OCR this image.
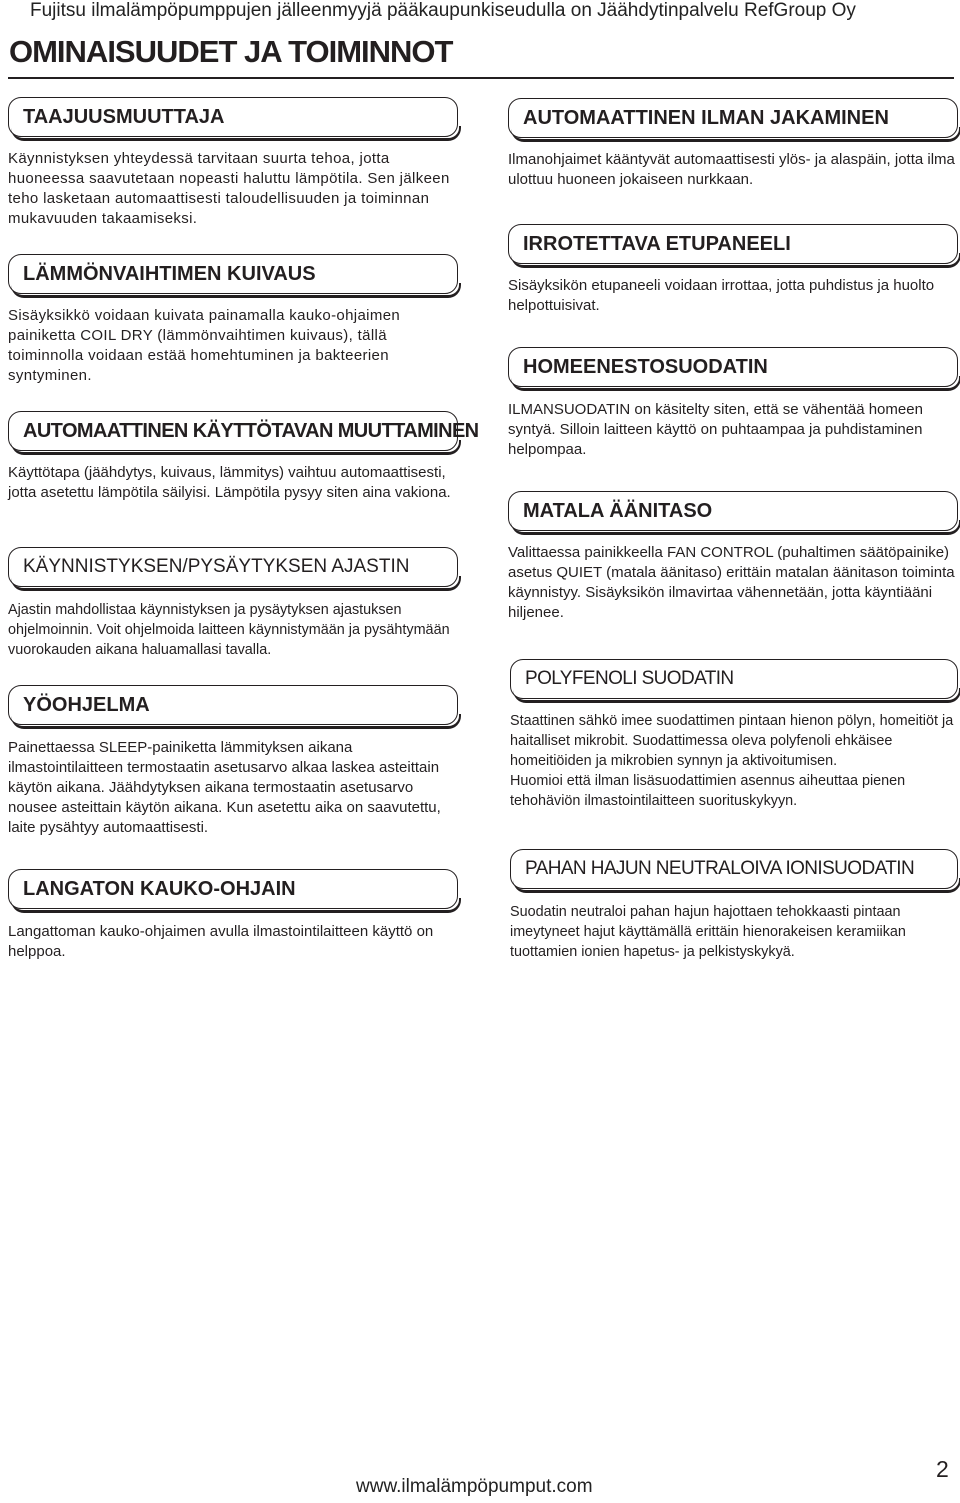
Fujitsu ilmalämpöpumppujen jälleenmyyjä pääkaupunkiseudulla on Jäähdytinpalvelu RefGroup Oy
OMINAISUUDET JA TOIMINNOT
TAAJUUSMUUTTAJA

Käynnistyksen yhteydessä tarvitaan suurta tehoa, jotta huoneessa saavutetaan nopeasti haluttu lämpötila. Sen jälkeen teho lasketaan automaattisesti taloudellisuuden ja toiminnan mukavuuden takaamiseksi.

LÄMMÖNVAIHTIMEN KUIVAUS

Sisäyksikkö voidaan kuivata painamalla kauko-ohjaimen painiketta COIL DRY (lämmönvaihtimen kuivaus), tällä toiminnolla voidaan estää homehtuminen ja bakteerien syntyminen.

AUTOMAATTINEN KÄYTTÖTAVAN MUUTTAMINEN

Käyttötapa (jäähdytys, kuivaus, lämmitys) vaihtuu automaattisesti, jotta asetettu lämpötila säilyisi. Lämpötila pysyy siten aina vakiona.

KÄYNNISTYKSEN/PYSÄYTYKSEN AJASTIN

Ajastin mahdollistaa käynnistyksen ja pysäytyksen ajastuksen ohjelmoinnin. Voit ohjelmoida laitteen käynnistymään ja pysähtymään vuorokauden aikana haluamallasi tavalla.

YÖOHJELMA

Painettaessa SLEEP-painiketta lämmityksen aikana ilmastointilaitteen termostaatin asetusarvo alkaa laskea asteittain käytön aikana. Jäähdytyksen aikana termostaatin asetusarvo nousee asteittain käytön aikana. Kun asetettu aika on saavutettu, laite pysähtyy automaattisesti.

LANGATON KAUKO-OHJAIN

Langattoman kauko-ohjaimen avulla ilmastointilaitteen käyttö on helppoa.

AUTOMAATTINEN ILMAN JAKAMINEN

Ilmanohjaimet kääntyvät automaattisesti ylös- ja alaspäin, jotta ilma ulottuu huoneen jokaiseen nurkkaan.

IRROTETTAVA ETUPANEELI

Sisäyksikön etupaneeli voidaan irrottaa, jotta puhdistus ja huolto helpottuisivat.

HOMEENESTOSUODATIN

ILMANSUODATIN on käsitelty siten, että se vähentää homeen syntyä. Silloin laitteen käyttö on puhtaampaa ja puhdistaminen helpompaa.

MATALA ÄÄNITASO

Valittaessa painikkeella FAN CONTROL (puhaltimen säätöpainike) asetus QUIET (matala äänitaso) erittäin matalan äänitason toiminta käynnistyy. Sisäyksikön ilmavirtaa vähennetään, jotta käyntiääni hiljenee.

POLYFENOLI SUODATIN

Staattinen sähkö imee suodattimen pintaan hienon pölyn, homeitiöt ja haitalliset mikrobit. Suodattimessa oleva polyfenoli ehkäisee homeitiöiden ja mikrobien synnyn ja aktivoitumisen.

Huomioi että ilman lisäsuodattimien asennus aiheuttaa pienen tehohäviön ilmastointilaitteen suorituskykyyn.

PAHAN HAJUN NEUTRALOIVA IONISUODATIN

Suodatin neutraloi pahan hajun hajottaen tehokkaasti pintaan imeytyneet hajut käyttämällä erittäin hienorakeisen keramiikan tuottamien ionien hapetus- ja pelkistyskykyä.

www.ilmalämpöpumput.com
2
